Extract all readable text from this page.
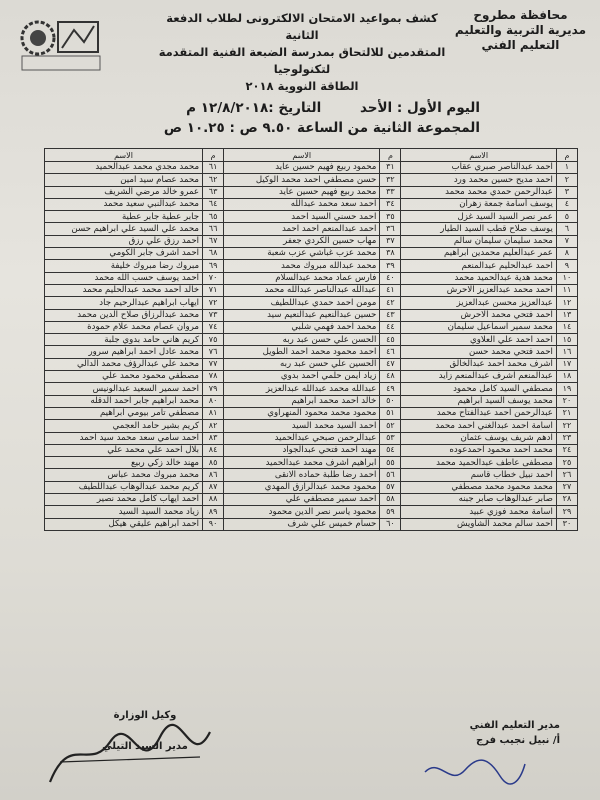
محافظة مطروح
مديرية التربية والتعليم
التعليم الفني
كشف بمواعيد الامتحان الالكترونى لطلاب الدفعة الثانية
المتقدمين للالتحاق بمدرسة الضبعة الفنية المتقدمة لتكنولوجيا
الطاقة النووية ٢٠١٨
اليوم الأول : الأحد التاريخ :١٢/٨/٢٠١٨ م
المجموعة الثانية من الساعة ٩.٥٠ ص : ١٠.٢٥ ص
م	الاسم	م	الاسم	م	الاسم
١	احمد عبدالناصر صبري عقاب	٣١	محمود ربيع فهيم حسين عايد	٦١	محمد مجدي محمد عبدالحميد
٢	احمد مديح حسين محمد ورد	٣٢	حسن مصطفي احمد محمد الوكيل	٦٢	محمد عصام سيد امين
٣	عبدالرحمن حمدي محمد محمد	٣٣	محمد ربيع فهيم حسين عايد	٦٣	عمرو خالد مرضي الشريف
٤	يوسف أسامة جمعة زهران	٣٤	احمد سعد محمد عبدالله	٦٤	محمد عبدالنبي سعيد محمد
٥	عمر نصر السيد السيد غزل	٣٥	احمد حسني السيد احمد	٦٥	جابر عطية جابر عطية
٦	يوسف صلاح قطب السيد الطيار	٣٦	احمد عبدالمنعم احمد احمد	٦٦	محمد علي السيد علي ابراهيم حسن
٧	محمد سليمان سليمان سالم	٣٧	مهاب حسين الكردي جعفر	٦٧	احمد رزق علي رزق
٨	عمر عبدالعليم محمدين ابراهيم	٣٨	محمد عزب غباشي عزب شعبة	٦٨	احمد اشرف جابر الكومي
٩	احمد عبدالحليم عبدالمنعم	٣٩	محمد عبدالله مبروك محمد	٦٩	مبروك رضا مبروك خليفة
١٠	محمد هدية عبدالحميد محمد	٤٠	فارس عماد محمد عبدالسلام	٧٠	احمد يوسف حسب الله محمد
١١	احمد محمد عبدالعزيز الاحرش	٤١	عبدالله عبدالناصر عبدالله محمد	٧١	خالد احمد محمد عبدالحليم محمد
١٢	عبدالعزيز محسن عبدالعزيز	٤٢	مومن احمد حمدي عبداللطيف	٧٢	ايهاب ابراهيم عبدالرحيم جاد
١٣	احمد فتحي محمد الاحرش	٤٣	حسين عبدالنعيم عبدالنعيم سيد	٧٣	محمد عبدالرزاق صلاح الدين محمد
١٤	محمد سمير اسماعيل سليمان	٤٤	محمد احمد فهمي شلبي	٧٤	مروان عصام محمد علام حمودة
١٥	احمد احمد علي العلاوي	٤٥	الحسن علي حسن عبد ربه	٧٥	كريم هاني حامد بدوي جلبة
١٦	احمد فتحي محمد حسن	٤٦	احمد محمود محمد احمد الطويل	٧٦	محمد عادل احمد ابراهيم سرور
١٧	اشرف محمد احمد عبدالخالق	٤٧	الحسين علي حسن عبد ربه	٧٧	محمد علي عبدالرؤف محمد الدالي
١٨	عبدالمنعم اشرف عبدالمنعم زايد	٤٨	زياد ايمن حلمي احمد بدوي	٧٨	مصطفي محمود محمد علي
١٩	مصطفي السيد كامل محمود	٤٩	عبدالله محمد عبدالله عبدالعزيز	٧٩	احمد سمير السعيد عبدالونيس
٢٠	محمد يوسف السيد ابراهيم	٥٠	خالد احمد محمد ابراهيم	٨٠	محمد ابراهيم جابر احمد الدقله
٢١	عبدالرحمن احمد عبدالفتاح محمد	٥١	محمود محمد محمود المنهراوي	٨١	مصطفي تامر بيومي ابراهيم
٢٢	اسامة احمد عبدالغني احمد محمد	٥٢	احمد السيد محمد السيد	٨٢	كريم بشير حامد العجمي
٢٣	ادهم شريف يوسف عثمان	٥٣	عبدالرحمن صبحي عبدالحميد	٨٣	احمد سامي سعد محمد سيد احمد
٢٤	محمد احمد محمود احمدعوده	٥٤	مهند احمد فتحي عبدالجواد	٨٤	بلال احمد علي محمد علي
٢٥	مصطفى عاطف عبدالحميد محمد	٥٥	ابراهيم اشرف محمد عبدالحميد	٨٥	مهند خالد زكي ربيع
٢٦	احمد نبيل خطاب قاسم	٥٦	احمد رضا طلبة حماده الانقى	٨٦	محمد مبروك محمد عباس
٢٧	محمد محمود محمد مصطفي	٥٧	محمود محمد عبدالرازق المهدي	٨٧	كريم محمد عبدالوهاب عبداللطيف
٢٨	صابر عبدالوهاب صابر جبنه	٥٨	احمد سمير مصطفي علي	٨٨	احمد ايهاب كامل محمد نصير
٢٩	اسامة محمد فوزي عبيد	٥٩	محمود ياسر نصر الدين محمود	٨٩	زياد محمد السيد السيد
٣٠	احمد سالم محمد الشاويش	٦٠	حسام خميس علي شرف	٩٠	احمد ابراهيم عليقي هيكل
مدير التعليم الفني
أ/ نبيل نجيب فرج
وكيل الوزارة
مدير السيد التيلي
